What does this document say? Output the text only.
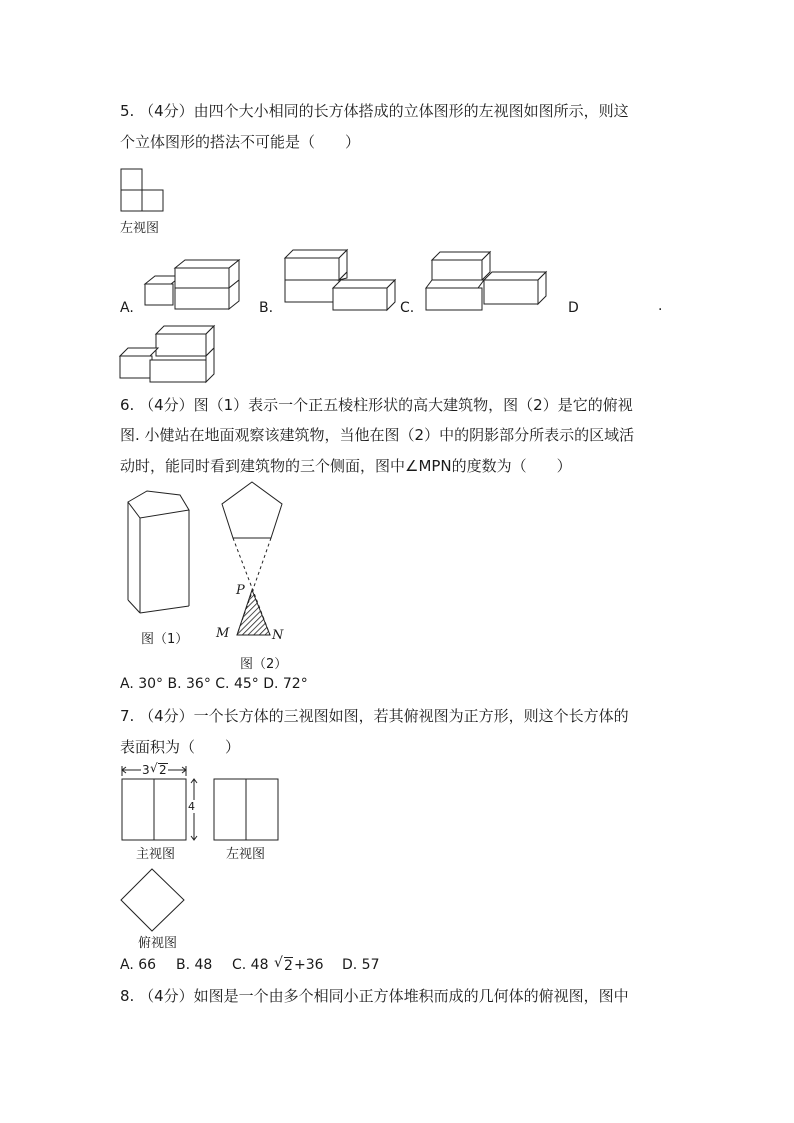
5. （4分）由四个大小相同的长方体搭成的立体图形的左视图如图所示，则这
个立体图形的搭法不可能是（　　）
左视图
A.	B.	C.	D	.
6. （4分）图（1）表示一个正五棱柱形状的高大建筑物，图（2）是它的俯视
图. 小健站在地面观察该建筑物，当他在图（2）中的阴影部分所表示的区域活
动时，能同时看到建筑物的三个侧面，图中∠MPN的度数为（　　）
图（1）
P
M	N
图（2）
A. 30° B. 36° C. 45° D. 72°
7. （4分）一个长方体的三视图如图，若其俯视图为正方形，则这个长方体的
表面积为（　　）
3 √ 2
4
主视图	左视图
俯视图
A. 66 B. 48 C. 48 √ 2 +36 D. 57
8. （4分）如图是一个由多个相同小正方体堆积而成的几何体的俯视图，图中
